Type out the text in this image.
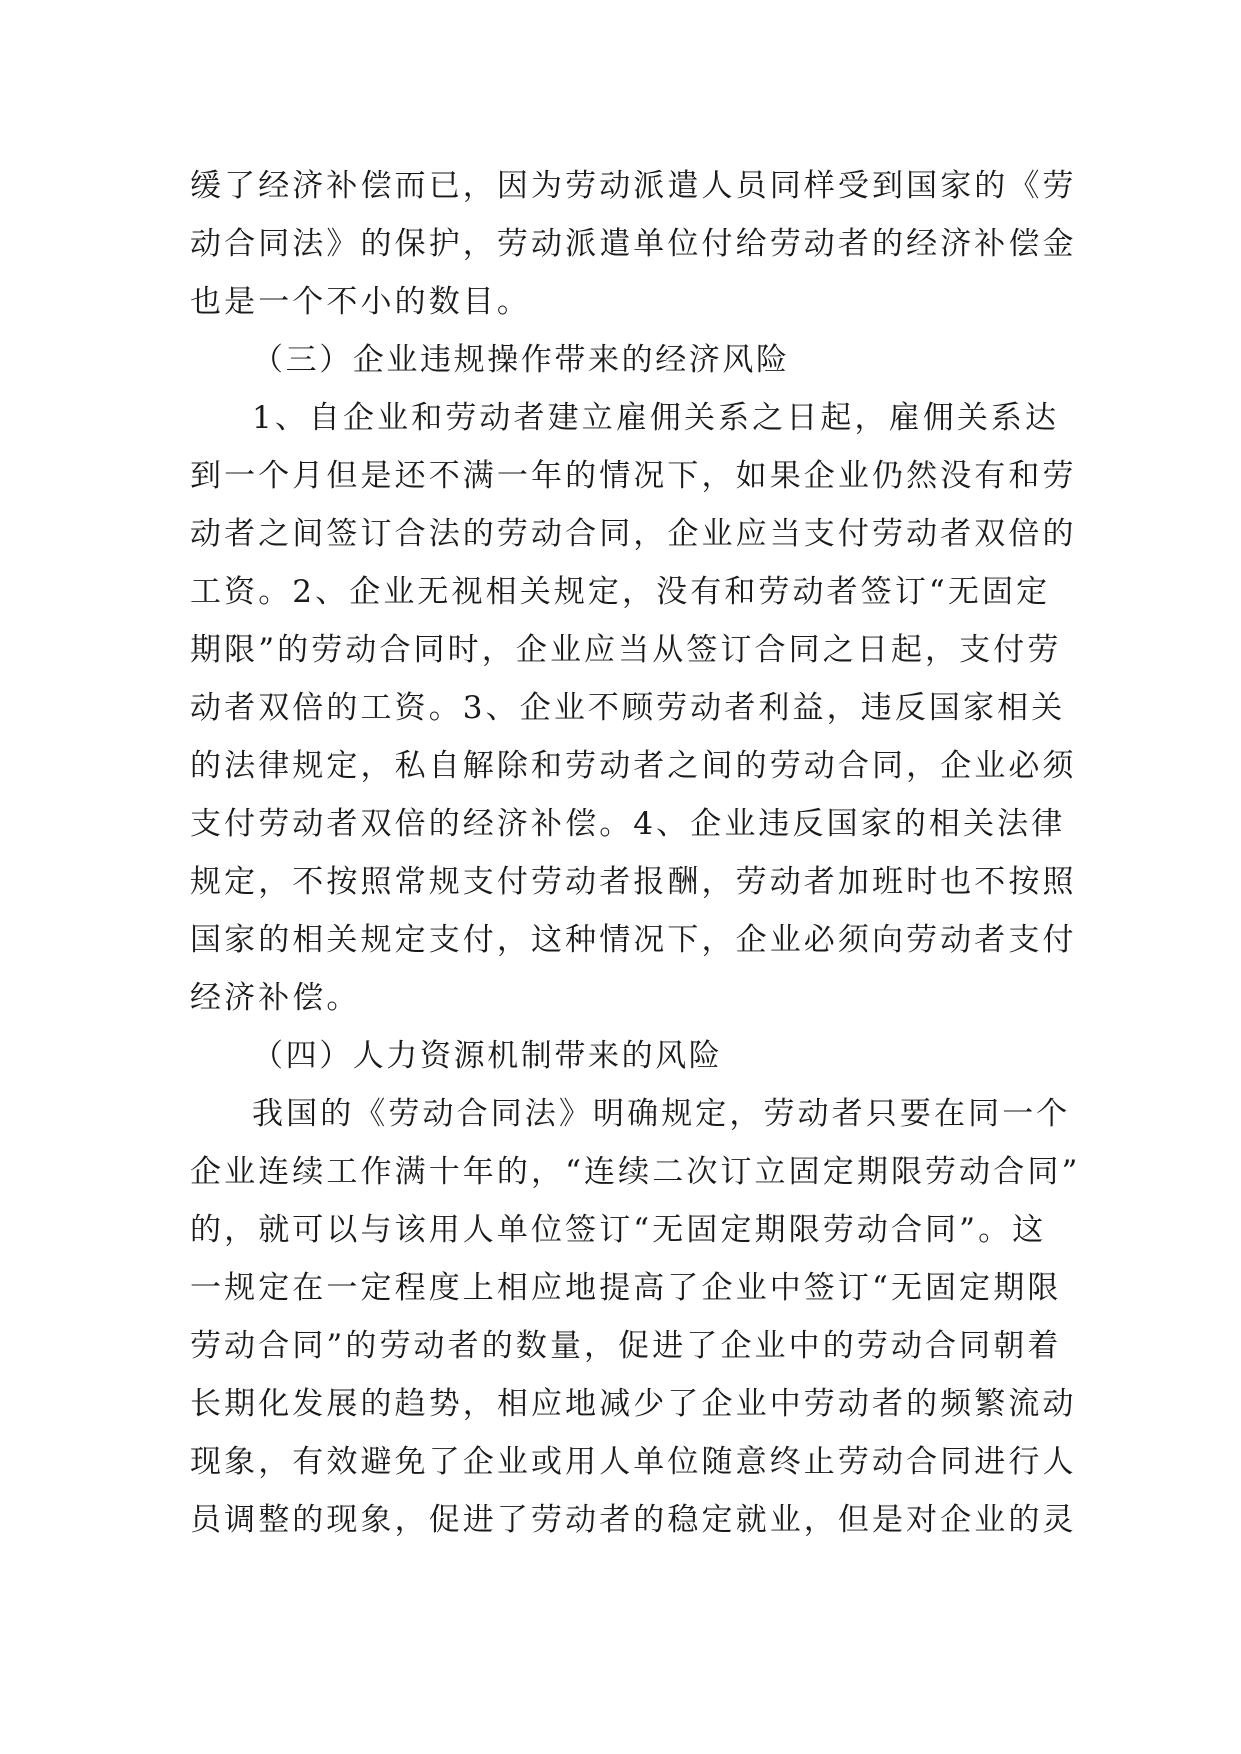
缓了经济补偿而已，因为劳动派遣人员同样受到国家的《劳
动合同法》的保护，劳动派遣单位付给劳动者的经济补偿金
也是一个不小的数目。
（三）企业违规操作带来的经济风险
1、自企业和劳动者建立雇佣关系之日起，雇佣关系达
到一个月但是还不满一年的情况下，如果企业仍然没有和劳
动者之间签订合法的劳动合同，企业应当支付劳动者双倍的
工资。2、企业无视相关规定，没有和劳动者签订“无固定
期限”的劳动合同时，企业应当从签订合同之日起，支付劳
动者双倍的工资。3、企业不顾劳动者利益，违反国家相关
的法律规定，私自解除和劳动者之间的劳动合同，企业必须
支付劳动者双倍的经济补偿。4、企业违反国家的相关法律
规定，不按照常规支付劳动者报酬，劳动者加班时也不按照
国家的相关规定支付，这种情况下，企业必须向劳动者支付
经济补偿。
（四）人力资源机制带来的风险
我国的《劳动合同法》明确规定，劳动者只要在同一个
企业连续工作满十年的，“连续二次订立固定期限劳动合同”
的，就可以与该用人单位签订“无固定期限劳动合同”。这
一规定在一定程度上相应地提高了企业中签订“无固定期限
劳动合同”的劳动者的数量，促进了企业中的劳动合同朝着
长期化发展的趋势，相应地减少了企业中劳动者的频繁流动
现象，有效避免了企业或用人单位随意终止劳动合同进行人
员调整的现象，促进了劳动者的稳定就业，但是对企业的灵
